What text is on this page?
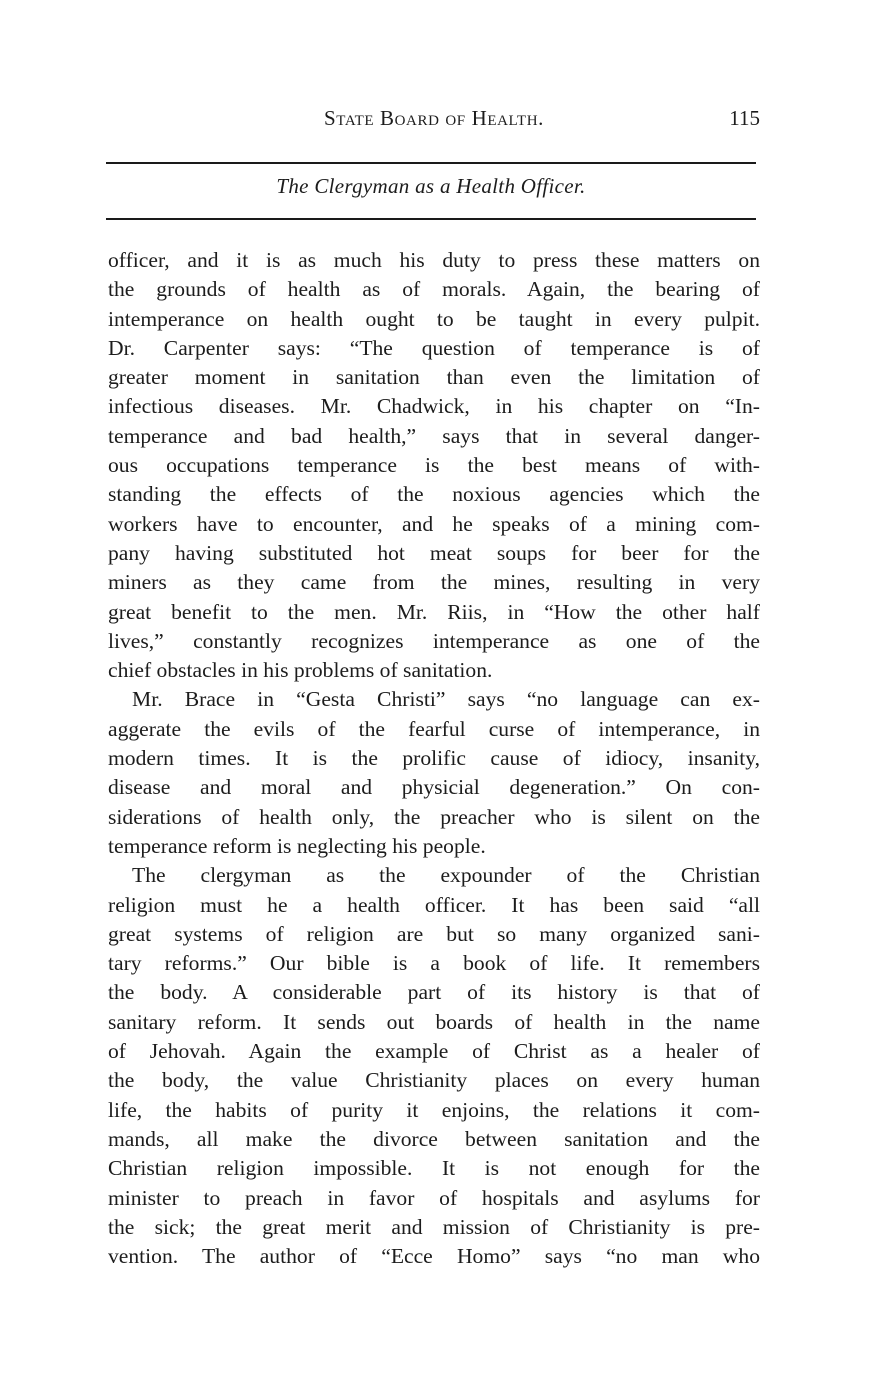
State Board of Health.	115
The Clergyman as a Health Officer.
officer, and it is as much his duty to press these matters on
the grounds of health as of morals. Again, the bearing of
intemperance on health ought to be taught in every pulpit.
Dr. Carpenter says: “The question of temperance is of
greater moment in sanitation than even the limitation of
infectious diseases. Mr. Chadwick, in his chapter on “In-
temperance and bad health,” says that in several danger-
ous occupations temperance is the best means of with-
standing the effects of the noxious agencies which the
workers have to encounter, and he speaks of a mining com-
pany having substituted hot meat soups for beer for the
miners as they came from the mines, resulting in very
great benefit to the men. Mr. Riis, in “How the other half
lives,” constantly recognizes intemperance as one of the
chief obstacles in his problems of sanitation.
Mr. Brace in “Gesta Christi” says “no language can ex-
aggerate the evils of the fearful curse of intemperance, in
modern times. It is the prolific cause of idiocy, insanity,
disease and moral and physicial degeneration.” On con-
siderations of health only, the preacher who is silent on the
temperance reform is neglecting his people.
The clergyman as the expounder of the Christian
religion must he a health officer. It has been said “all
great systems of religion are but so many organized sani-
tary reforms.” Our bible is a book of life. It remembers
the body. A considerable part of its history is that of
sanitary reform. It sends out boards of health in the name
of Jehovah. Again the example of Christ as a healer of
the body, the value Christianity places on every human
life, the habits of purity it enjoins, the relations it com-
mands, all make the divorce between sanitation and the
Christian religion impossible. It is not enough for the
minister to preach in favor of hospitals and asylums for
the sick; the great merit and mission of Christianity is pre-
vention. The author of “Ecce Homo” says “no man who
